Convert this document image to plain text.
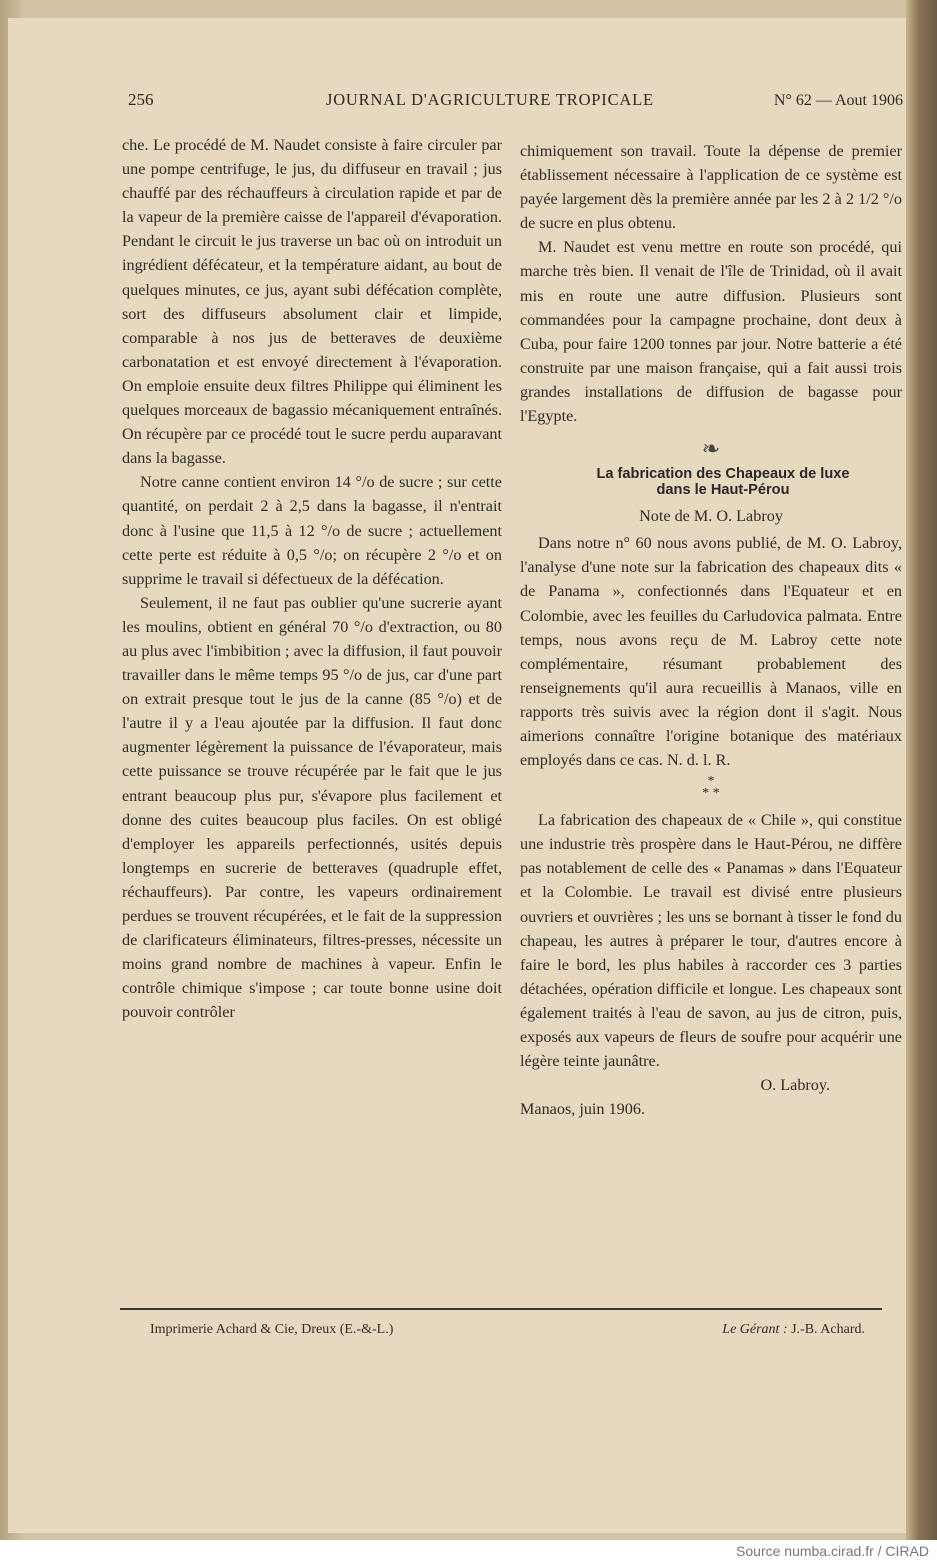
256	JOURNAL D'AGRICULTURE TROPICALE	N° 62 — Aout 1906

che. Le procédé de M. Naudet consiste à faire circuler par une pompe centrifuge, le jus, du diffuseur en travail ; jus chauffé par des réchauffeurs à circulation rapide et par de la vapeur de la première caisse de l'appareil d'évaporation. Pendant le circuit le jus traverse un bac où on introduit un ingrédient défécateur, et la température aidant, au bout de quelques minutes, ce jus, ayant subi défécation complète, sort des diffuseurs absolument clair et limpide, comparable à nos jus de betteraves de deuxième carbonatation et est envoyé directement à l'évaporation. On emploie ensuite deux filtres Philippe qui éliminent les quelques morceaux de bagassio mécaniquement entraînés. On récupère par ce procédé tout le sucre perdu auparavant dans la bagasse.

Notre canne contient environ 14 °/o de sucre ; sur cette quantité, on perdait 2 à 2,5 dans la bagasse, il n'entrait donc à l'usine que 11,5 à 12 °/o de sucre ; actuellement cette perte est réduite à 0,5 °/o; on récupère 2 °/o et on supprime le travail si défectueux de la défécation.

Seulement, il ne faut pas oublier qu'une sucrerie ayant les moulins, obtient en général 70 °/o d'extraction, ou 80 au plus avec l'imbibition ; avec la diffusion, il faut pouvoir travailler dans le même temps 95 °/o de jus, car d'une part on extrait presque tout le jus de la canne (85 °/o) et de l'autre il y a l'eau ajoutée par la diffusion. Il faut donc augmenter légèrement la puissance de l'évaporateur, mais cette puissance se trouve récupérée par le fait que le jus entrant beaucoup plus pur, s'évapore plus facilement et donne des cuites beaucoup plus faciles. On est obligé d'employer les appareils perfectionnés, usités depuis longtemps en sucrerie de betteraves (quadruple effet, réchauffeurs). Par contre, les vapeurs ordinairement perdues se trouvent récupérées, et le fait de la suppression de clarificateurs éliminateurs, filtres-presses, nécessite un moins grand nombre de machines à vapeur. Enfin le contrôle chimique s'impose ; car toute bonne usine doit pouvoir contrôler

chimiquement son travail. Toute la dépense de premier établissement nécessaire à l'application de ce système est payée largement dès la première année par les 2 à 2 1/2 °/o de sucre en plus obtenu.

M. Naudet est venu mettre en route son procédé, qui marche très bien. Il venait de l'île de Trinidad, où il avait mis en route une autre diffusion. Plusieurs sont commandées pour la campagne prochaine, dont deux à Cuba, pour faire 1200 tonnes par jour. Notre batterie a été construite par une maison française, qui a fait aussi trois grandes installations de diffusion de bagasse pour l'Egypte.

❧
La fabrication des Chapeaux de luxe
dans le Haut-Pérou
Note de M. O. Labroy

Dans notre n° 60 nous avons publié, de M. O. Labroy, l'analyse d'une note sur la fabrication des chapeaux dits « de Panama », confectionnés dans l'Equateur et en Colombie, avec les feuilles du Carludovica palmata. Entre temps, nous avons reçu de M. Labroy cette note complémentaire, résumant probablement des renseignements qu'il aura recueillis à Manaos, ville en rapports très suivis avec la région dont il s'agit. Nous aimerions connaître l'origine botanique des matériaux employés dans ce cas. N. d. l. R.

*
* *

La fabrication des chapeaux de « Chile », qui constitue une industrie très prospère dans le Haut-Pérou, ne diffère pas notablement de celle des « Panamas » dans l'Equateur et la Colombie. Le travail est divisé entre plusieurs ouvriers et ouvrières ; les uns se bornant à tisser le fond du chapeau, les autres à préparer le tour, d'autres encore à faire le bord, les plus habiles à raccorder ces 3 parties détachées, opération difficile et longue. Les chapeaux sont également traités à l'eau de savon, au jus de citron, puis, exposés aux vapeurs de fleurs de soufre pour acquérir une légère teinte jaunâtre.

O. Labroy.
Manaos, juin 1906.
Imprimerie Achard & Cie, Dreux (E.-&-L.)	Le Gérant : J.-B. Achard.
Source numba.cirad.fr / CIRAD
